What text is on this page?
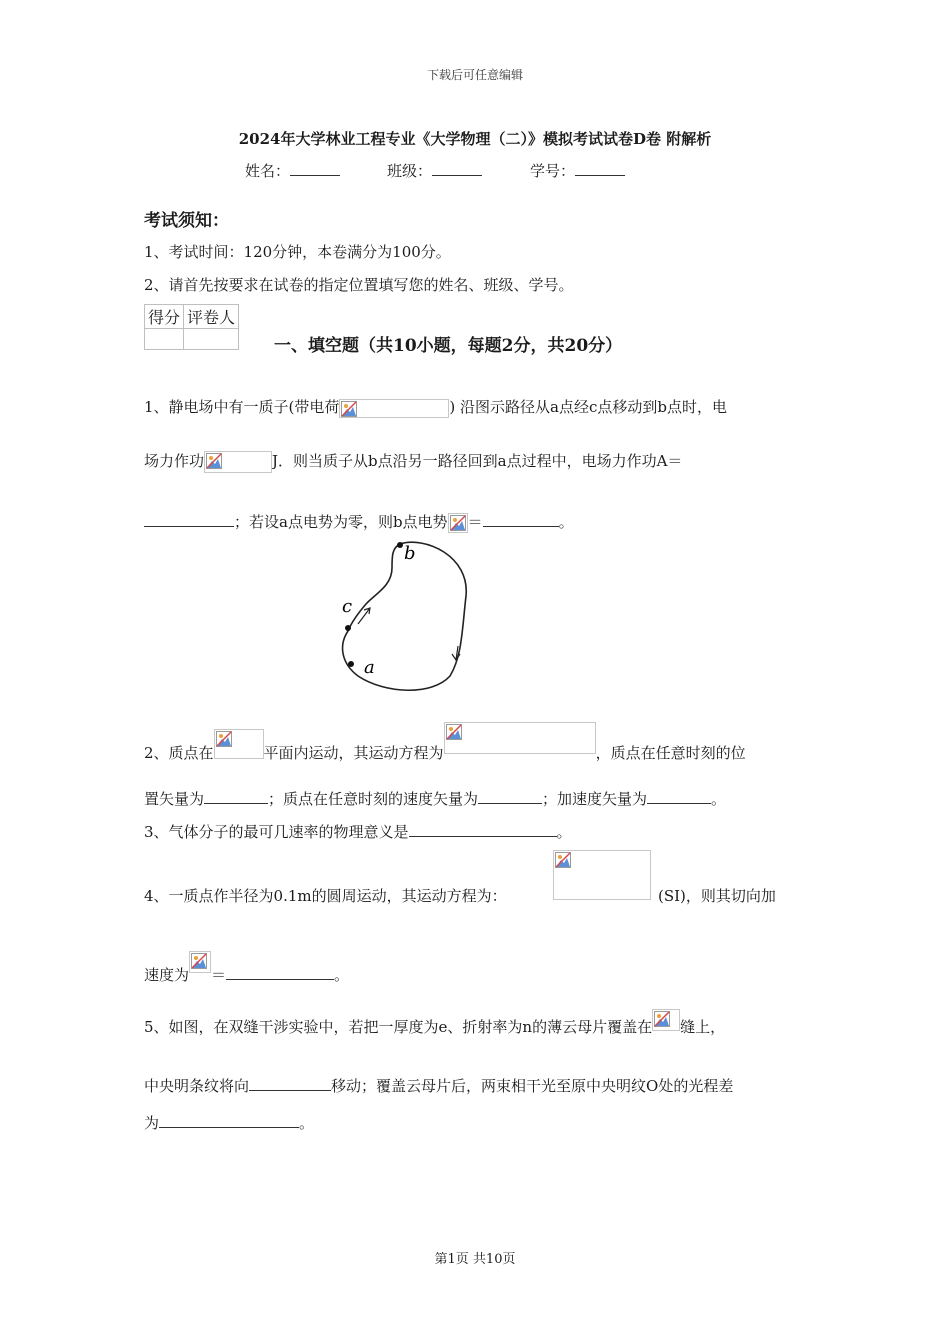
下载后可任意编辑
2024年大学林业工程专业《大学物理（二）》模拟考试试卷D卷 附解析
姓名：	班级：	学号：
考试须知：
1、考试时间：120分钟，本卷满分为100分。
2、请首先按要求在试卷的指定位置填写您的姓名、班级、学号。
得分	评卷人

一、填空题（共10小题，每题2分，共20分）
1、静电场中有一质子(带电荷	) 沿图示路径从a点经c点移动到b点时，电
场力作功	J．则当质子从b点沿另一路径回到a点过程中，电场力作功A＝
；若设a点电势为零，则b点电势 ＝	。
b
c
a
2、质点在	平面内运动，其运动方程为	，质点在任意时刻的位
置矢量为	；质点在任意时刻的速度矢量为	；加速度矢量为	。
3、气体分子的最可几速率的物理意义是	。
4、一质点作半径为0.1m的圆周运动，其运动方程为：	(SI)，则其切向加
速度为 ＝	。
5、如图，在双缝干涉实验中，若把一厚度为e、折射率为n的薄云母片覆盖在 缝上，
中央明条纹将向	移动；覆盖云母片后，两束相干光至原中央明纹O处的光程差
为	。
第1页 共10页
